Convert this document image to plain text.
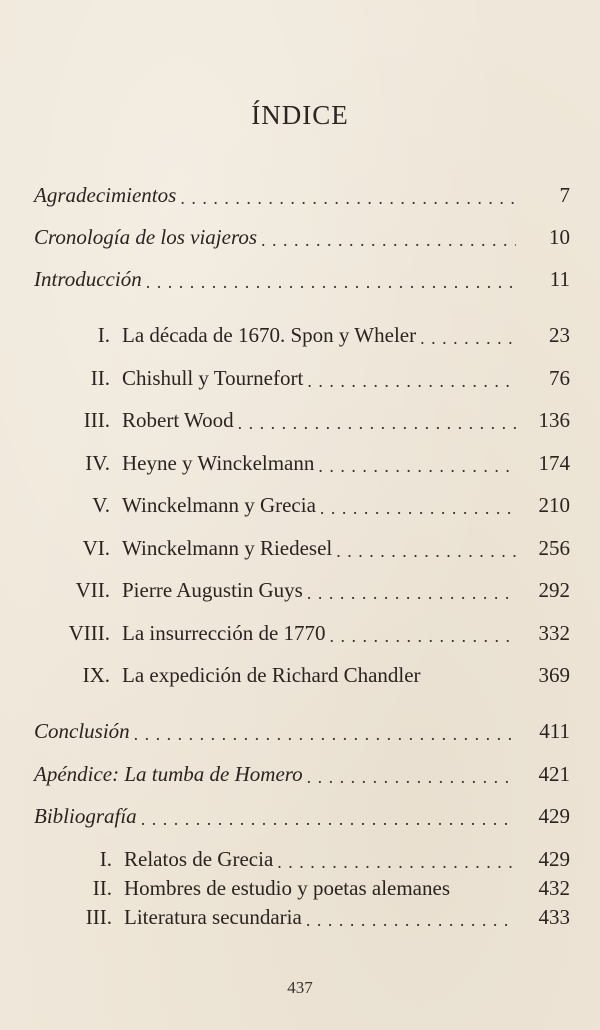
ÍNDICE
Agradecimientos . . .	7
Cronología de los viajeros . . .	10
Introducción . . .	11
I. La década de 1670. Spon y Wheler . . .	23
II. Chishull y Tournefort . . .	76
III. Robert Wood . . .	136
IV. Heyne y Winckelmann . . .	174
V. Winckelmann y Grecia . . .	210
VI. Winckelmann y Riedesel . . .	256
VII. Pierre Augustin Guys . . .	292
VIII. La insurrección de 1770 . . .	332
IX. La expedición de Richard Chandler	369
Conclusión . . .	411
Apéndice: La tumba de Homero . . .	421
Bibliografía . . .	429
I. Relatos de Grecia . . .	429
II. Hombres de estudio y poetas alemanes	432
III. Literatura secundaria . . .	433
437
